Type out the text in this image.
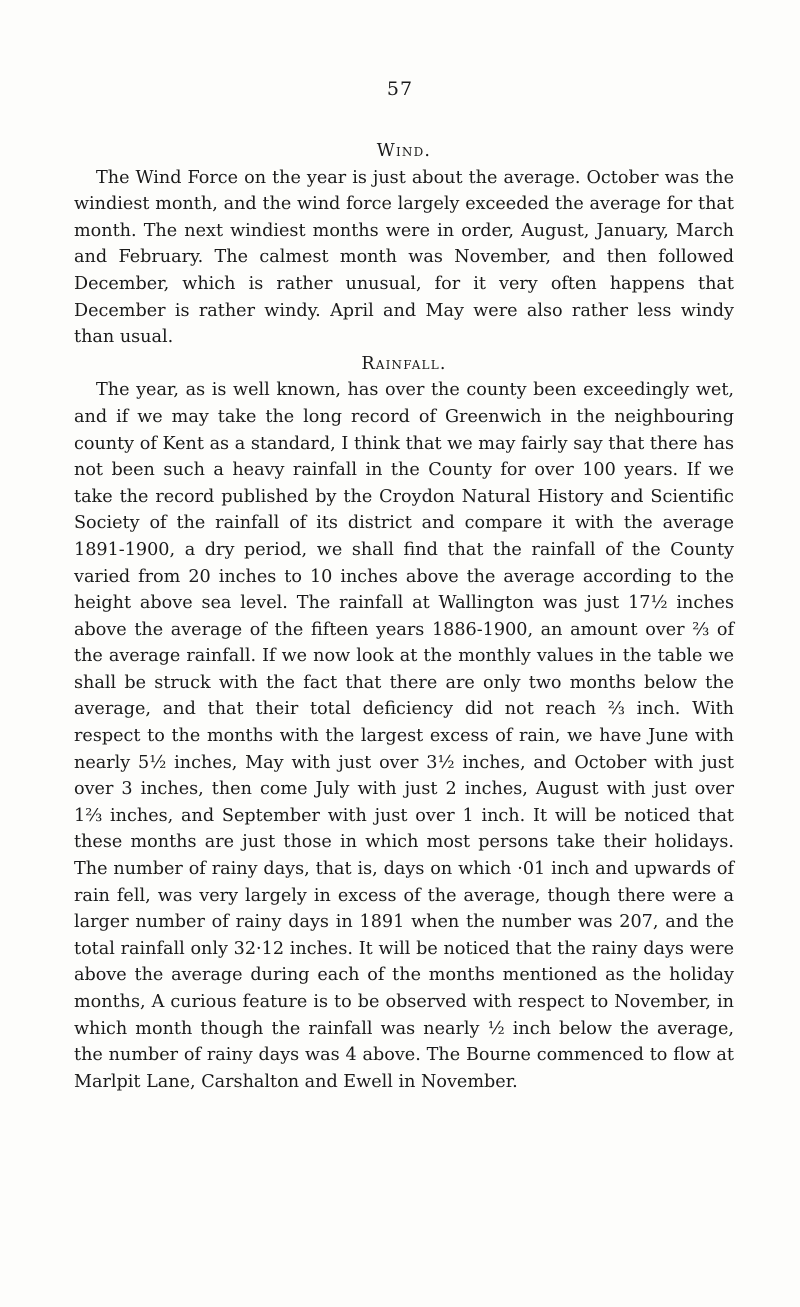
57
Wind.

The Wind Force on the year is just about the average. October was the windiest month, and the wind force largely exceeded the average for that month. The next windiest months were in order, August, January, March and February. The calmest month was November, and then followed December, which is rather unusual, for it very often happens that December is rather windy. April and May were also rather less windy than usual.

Rainfall.

The year, as is well known, has over the county been exceedingly wet, and if we may take the long record of Greenwich in the neighbouring county of Kent as a standard, I think that we may fairly say that there has not been such a heavy rainfall in the County for over 100 years. If we take the record published by the Croydon Natural History and Scientific Society of the rainfall of its district and compare it with the average 1891-1900, a dry period, we shall find that the rainfall of the County varied from 20 inches to 10 inches above the average according to the height above sea level. The rainfall at Wallington was just 17½ inches above the average of the fifteen years 1886-1900, an amount over ⅔ of the average rainfall. If we now look at the monthly values in the table we shall be struck with the fact that there are only two months below the average, and that their total deficiency did not reach ⅔ inch. With respect to the months with the largest excess of rain, we have June with nearly 5½ inches, May with just over 3½ inches, and October with just over 3 inches, then come July with just 2 inches, August with just over 1⅔ inches, and September with just over 1 inch. It will be noticed that these months are just those in which most persons take their holidays. The number of rainy days, that is, days on which ·01 inch and upwards of rain fell, was very largely in excess of the average, though there were a larger number of rainy days in 1891 when the number was 207, and the total rainfall only 32·12 inches. It will be noticed that the rainy days were above the average during each of the months mentioned as the holiday months, A curious feature is to be observed with respect to November, in which month though the rainfall was nearly ½ inch below the average, the number of rainy days was 4 above. The Bourne commenced to flow at Marlpit Lane, Carshalton and Ewell in November.
